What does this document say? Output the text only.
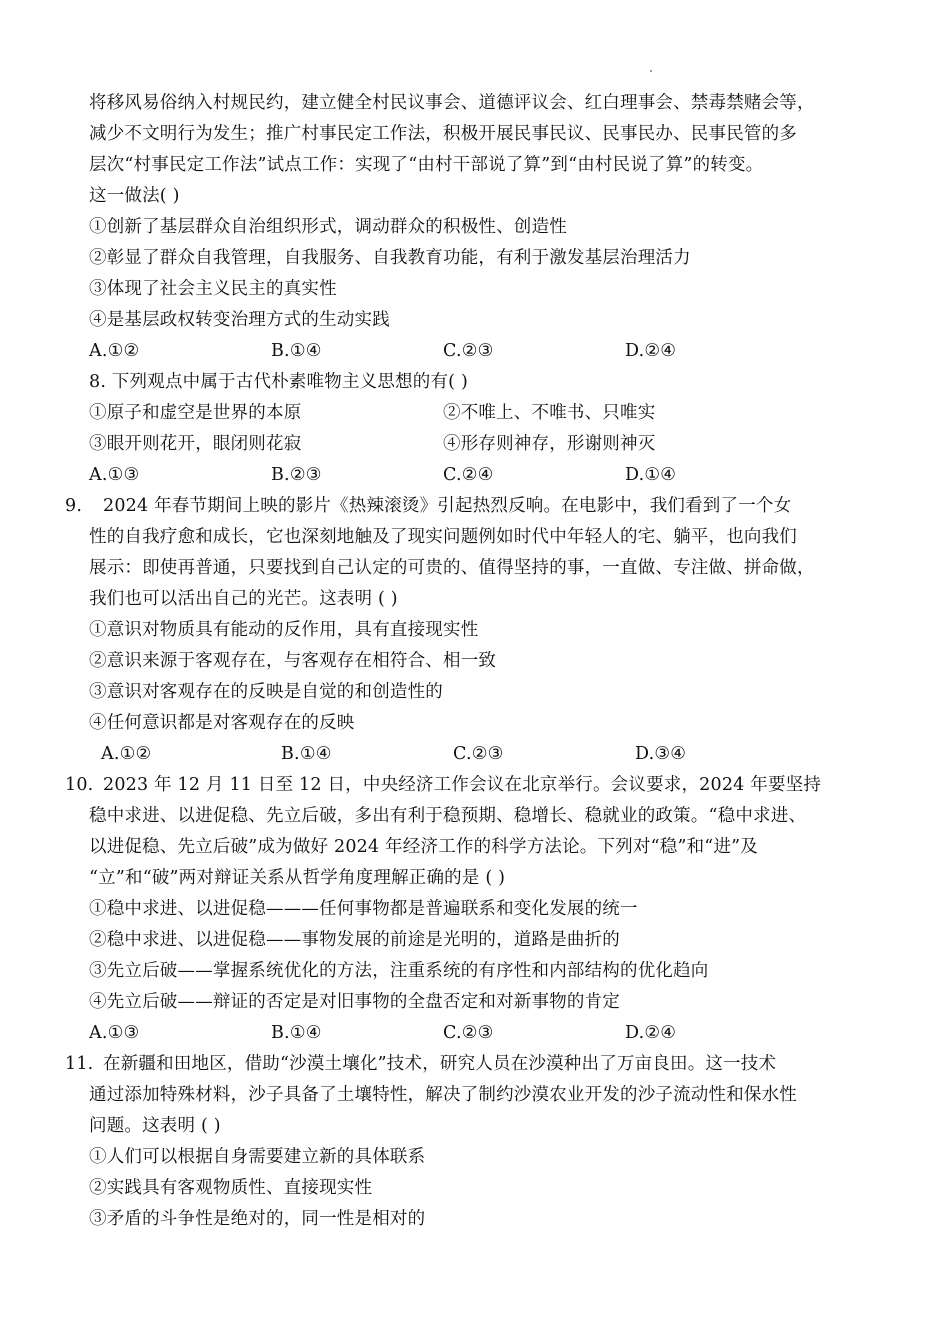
将移风易俗纳入村规民约，建立健全村民议事会、道德评议会、红白理事会、禁毒禁赌会等，
减少不文明行为发生；推广村事民定工作法，积极开展民事民议、民事民办、民事民管的多
层次“村事民定工作法”试点工作：实现了“由村干部说了算”到“由村民说了算”的转变。
这一做法( )
①创新了基层群众自治组织形式，调动群众的积极性、创造性
②彰显了群众自我管理，自我服务、自我教育功能，有利于激发基层治理活力
③体现了社会主义民主的真实性
④是基层政权转变治理方式的生动实践
A.①②	B.①④	C.②③	D.②④
8. 下列观点中属于古代朴素唯物主义思想的有( )
①原子和虚空是世界的本原	②不唯上、不唯书、只唯实
③眼开则花开，眼闭则花寂	④形存则神存，形谢则神灭
A.①③	B.②③	C.②④	D.①④
9. 2024 年春节期间上映的影片《热辣滚烫》引起热烈反响。在电影中，我们看到了一个女
性的自我疗愈和成长，它也深刻地触及了现实问题例如时代中年轻人的宅、躺平，也向我们
展示：即使再普通，只要找到自己认定的可贵的、值得坚持的事，一直做、专注做、拼命做，
我们也可以活出自己的光芒。这表明 ( )
①意识对物质具有能动的反作用，具有直接现实性
②意识来源于客观存在，与客观存在相符合、相一致
③意识对客观存在的反映是自觉的和创造性的
④任何意识都是对客观存在的反映
A.①②	B.①④	C.②③	D.③④
10. 2023 年 12 月 11 日至 12 日，中央经济工作会议在北京举行。会议要求，2024 年要坚持
稳中求进、以进促稳、先立后破，多出有利于稳预期、稳增长、稳就业的政策。“稳中求进、
以进促稳、先立后破”成为做好 2024 年经济工作的科学方法论。下列对“稳”和“进”及
“立”和“破”两对辩证关系从哲学角度理解正确的是 ( )
①稳中求进、以进促稳———任何事物都是普遍联系和变化发展的统一
②稳中求进、以进促稳——事物发展的前途是光明的，道路是曲折的
③先立后破——掌握系统优化的方法，注重系统的有序性和内部结构的优化趋向
④先立后破——辩证的否定是对旧事物的全盘否定和对新事物的肯定
A.①③	B.①④	C.②③	D.②④
11. 在新疆和田地区，借助“沙漠土壤化”技术，研究人员在沙漠种出了万亩良田。这一技术
通过添加特殊材料，沙子具备了土壤特性，解决了制约沙漠农业开发的沙子流动性和保水性
问题。这表明 ( )
①人们可以根据自身需要建立新的具体联系
②实践具有客观物质性、直接现实性
③矛盾的斗争性是绝对的，同一性是相对的
